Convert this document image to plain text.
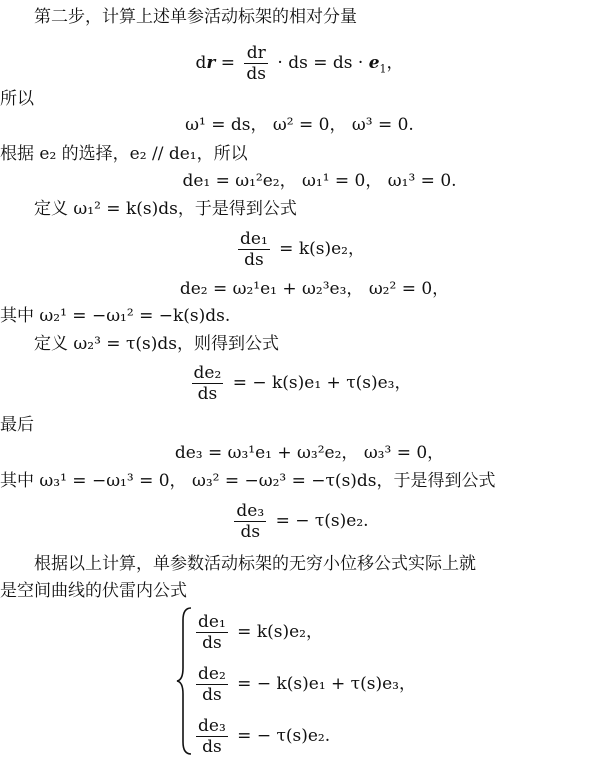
第二步，计算上述单参活动标架的相对分量
dr = $\frac{dr}{ds}$ · ds = ds · $e_1$，
所以
ω¹ = ds， ω² = 0， ω³ = 0.
根据 e₂ 的选择，e₂ // de₁，所以
de₁ = ω₁²e₂， ω₁¹ = 0， ω₁³ = 0.
定义 ω₁² = k(s)ds，于是得到公式
$\frac{\text{de₁}}{ds} = k(s)e_2$，
de₂ = ω₂¹e₁ + ω₂³e₃， ω₂² = 0，
其中 ω₂¹ = −ω₁² = −k(s)ds.
定义 ω₂³ = τ(s)ds，则得到公式
$\frac{\text{de₂}}{ds}$ = − k(s)e₁ + τ(s)e₃，
最后
de₃ = ω₃¹e₁ + ω₃²e₂， ω₃³ = 0，
其中 ω₃¹ = −ω₁³ = 0， ω₃² = −ω₂³ = −τ(s)ds，于是得到公式
$\frac{\text{de₃}}{ds}$ = − τ(s)e₂.
根据以上计算，单参数活动标架的无穷小位移公式实际上就
是空间曲线的伏雷内公式
$\frac{\text{de₁}}{ds} = k(s)e_2$，
$\frac{\text{de₂}}{ds}$ = − k(s)e₁ + τ(s)e₃，
$\frac{\text{de₃}}{ds}$ = − τ(s)e₂.
